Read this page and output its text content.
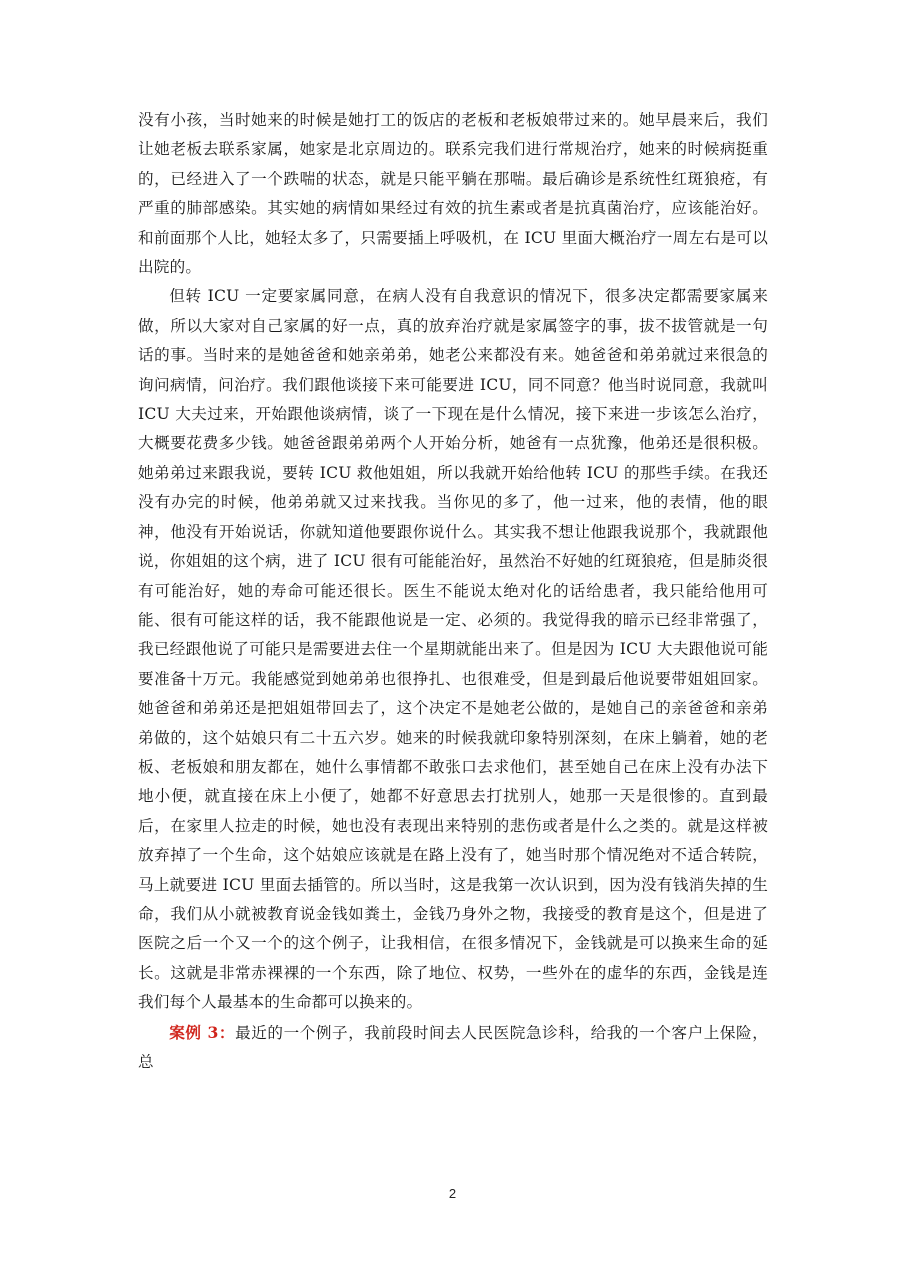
没有小孩，当时她来的时候是她打工的饭店的老板和老板娘带过来的。她早晨来后，我们让她老板去联系家属，她家是北京周边的。联系完我们进行常规治疗，她来的时候病挺重的，已经进入了一个跌喘的状态，就是只能平躺在那喘。最后确诊是系统性红斑狼疮，有严重的肺部感染。其实她的病情如果经过有效的抗生素或者是抗真菌治疗，应该能治好。和前面那个人比，她轻太多了，只需要插上呼吸机，在 ICU 里面大概治疗一周左右是可以出院的。

但转 ICU 一定要家属同意，在病人没有自我意识的情况下，很多决定都需要家属来做，所以大家对自己家属的好一点，真的放弃治疗就是家属签字的事，拔不拔管就是一句话的事。当时来的是她爸爸和她亲弟弟，她老公来都没有来。她爸爸和弟弟就过来很急的询问病情，问治疗。我们跟他谈接下来可能要进 ICU，同不同意？他当时说同意，我就叫 ICU 大夫过来，开始跟他谈病情，谈了一下现在是什么情况，接下来进一步该怎么治疗，大概要花费多少钱。她爸爸跟弟弟两个人开始分析，她爸有一点犹豫，他弟还是很积极。她弟弟过来跟我说，要转 ICU 救他姐姐，所以我就开始给他转 ICU 的那些手续。在我还没有办完的时候，他弟弟就又过来找我。当你见的多了，他一过来，他的表情，他的眼神，他没有开始说话，你就知道他要跟你说什么。其实我不想让他跟我说那个，我就跟他说，你姐姐的这个病，进了 ICU 很有可能能治好，虽然治不好她的红斑狼疮，但是肺炎很有可能治好，她的寿命可能还很长。医生不能说太绝对化的话给患者，我只能给他用可能、很有可能这样的话，我不能跟他说是一定、必须的。我觉得我的暗示已经非常强了，我已经跟他说了可能只是需要进去住一个星期就能出来了。但是因为 ICU 大夫跟他说可能要准备十万元。我能感觉到她弟弟也很挣扎、也很难受，但是到最后他说要带姐姐回家。她爸爸和弟弟还是把姐姐带回去了，这个决定不是她老公做的，是她自己的亲爸爸和亲弟弟做的，这个姑娘只有二十五六岁。她来的时候我就印象特别深刻，在床上躺着，她的老板、老板娘和朋友都在，她什么事情都不敢张口去求他们，甚至她自己在床上没有办法下地小便，就直接在床上小便了，她都不好意思去打扰别人，她那一天是很惨的。直到最后，在家里人拉走的时候，她也没有表现出来特别的悲伤或者是什么之类的。就是这样被放弃掉了一个生命，这个姑娘应该就是在路上没有了，她当时那个情况绝对不适合转院，马上就要进 ICU 里面去插管的。所以当时，这是我第一次认识到，因为没有钱消失掉的生命，我们从小就被教育说金钱如粪土，金钱乃身外之物，我接受的教育是这个，但是进了医院之后一个又一个的这个例子，让我相信，在很多情况下，金钱就是可以换来生命的延长。这就是非常赤裸裸的一个东西，除了地位、权势，一些外在的虚华的东西，金钱是连我们每个人最基本的生命都可以换来的。

案例 3：最近的一个例子，我前段时间去人民医院急诊科，给我的一个客户上保险，总

2
